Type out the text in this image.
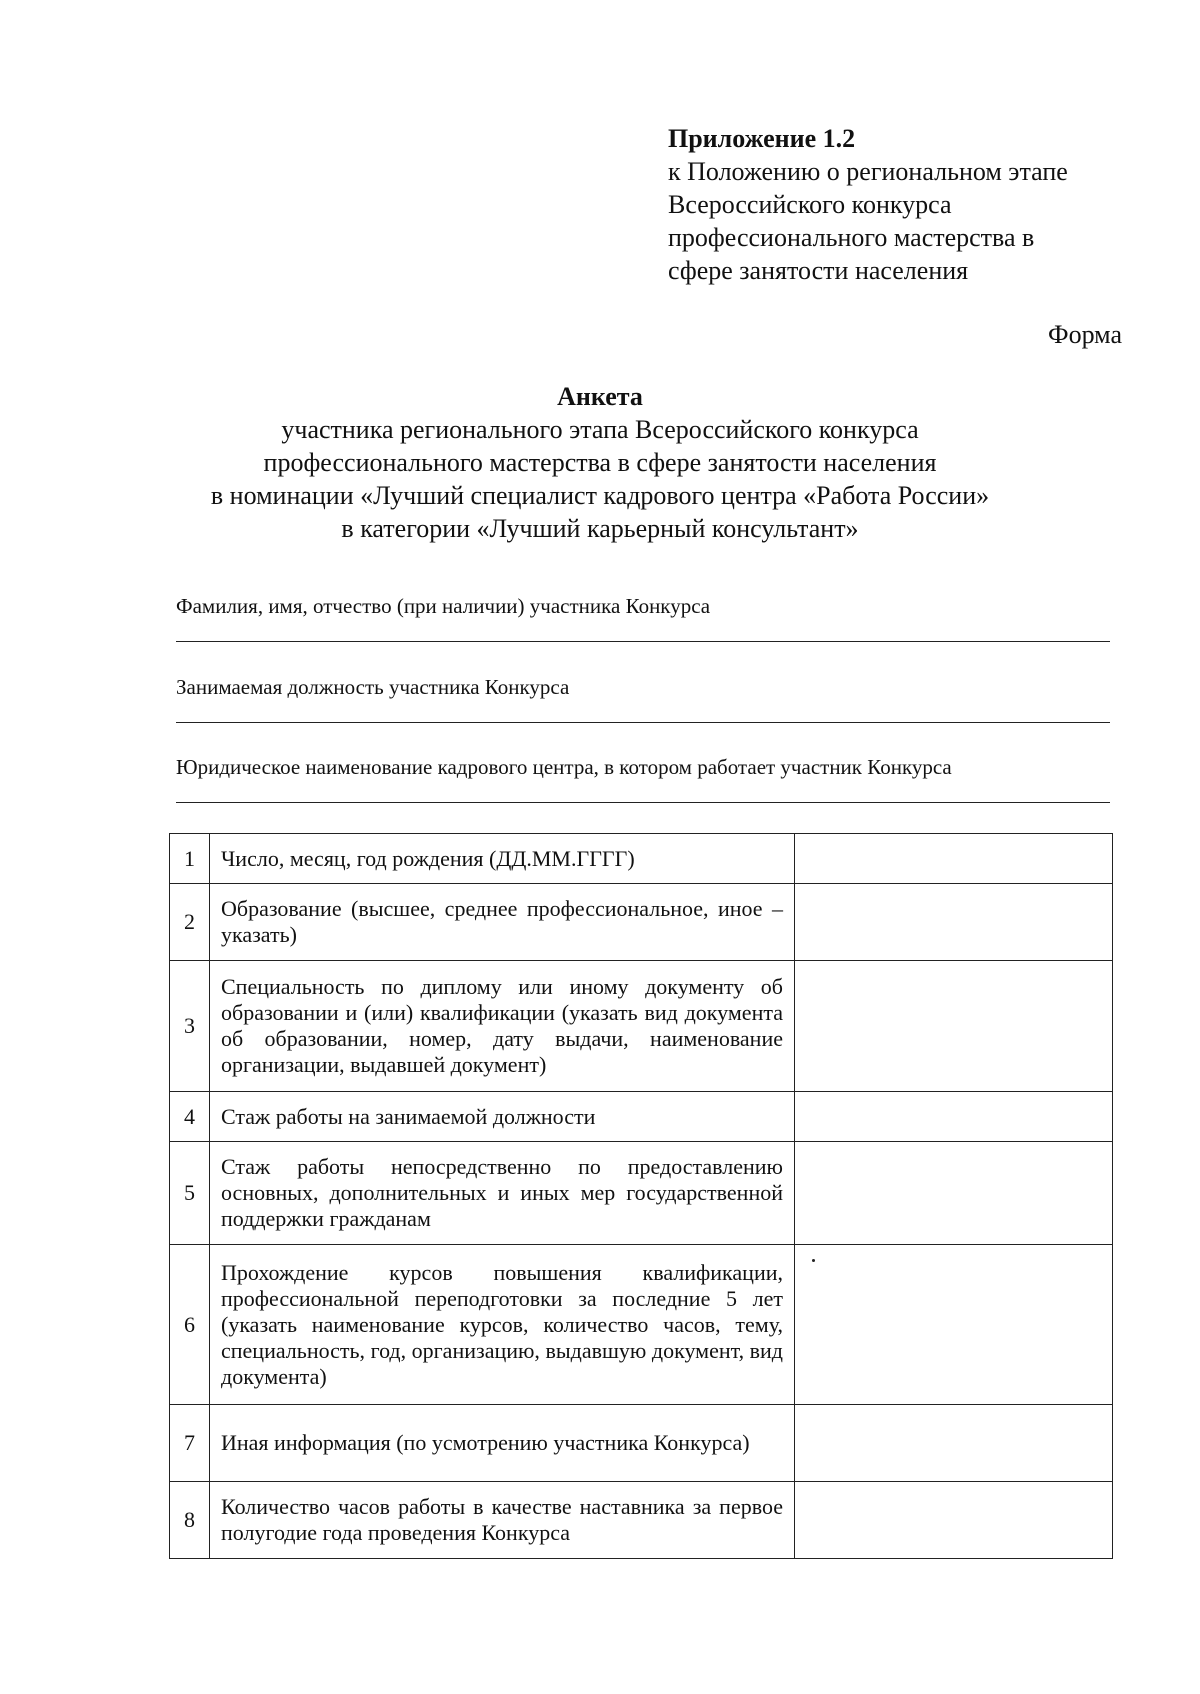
Приложение 1.2
к Положению о региональном этапе
Всероссийского конкурса
профессионального мастерства в
сфере занятости населения
Форма
Анкета
участника регионального этапа Всероссийского конкурса
профессионального мастерства в сфере занятости населения
в номинации «Лучший специалист кадрового центра «Работа России»
в категории «Лучший карьерный консультант»
Фамилия, имя, отчество (при наличии) участника Конкурса
Занимаемая должность участника Конкурса
Юридическое наименование кадрового центра, в котором работает участник Конкурса
1	Число, месяц, год рождения (ДД.ММ.ГГГГ)	
2	Образование (высшее, среднее профессиональное, иное – указать)	
3	Специальность по диплому или иному документу об образовании и (или) квалификации (указать вид документа об образовании, номер, дату выдачи, наименование организации, выдавшей документ)	
4	Стаж работы на занимаемой должности	
5	Стаж работы непосредственно по предоставлению основных, дополнительных и иных мер государственной поддержки гражданам	
6	Прохождение курсов повышения квалификации, профессиональной переподготовки за последние 5 лет (указать наименование курсов, количество часов, тему, специальность, год, организацию, выдавшую документ, вид документа)	
7	Иная информация (по усмотрению участника Конкурса)	
8	Количество часов работы в качестве наставника за первое полугодие года проведения Конкурса	
